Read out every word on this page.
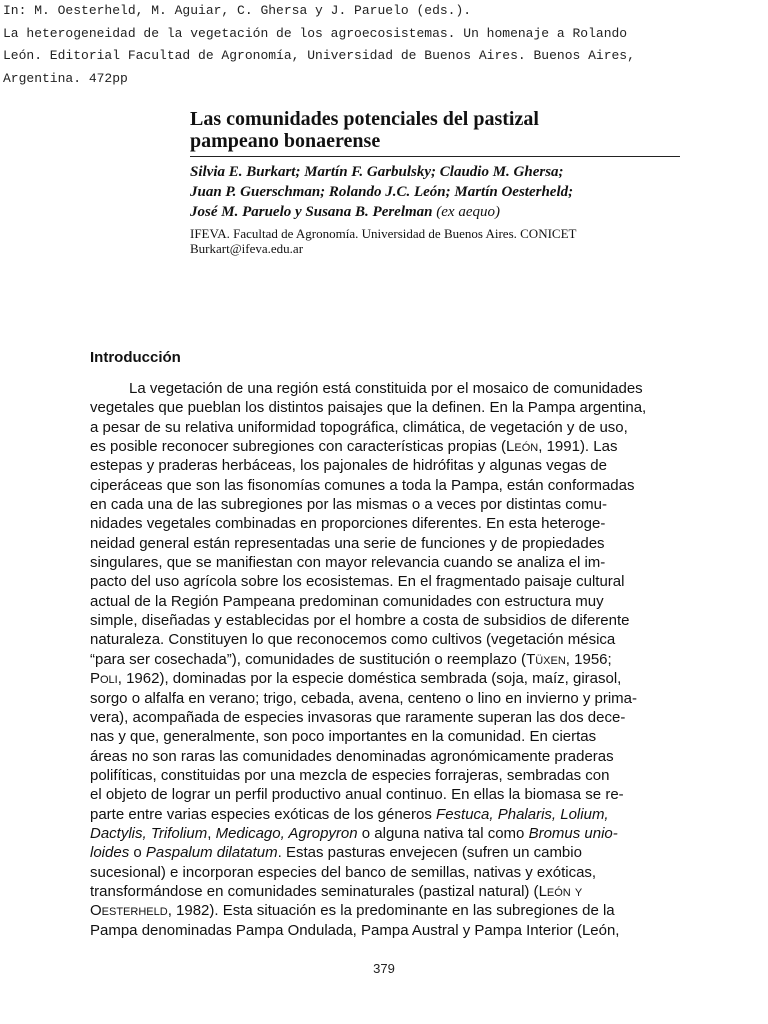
In: M. Oesterheld, M. Aguiar, C. Ghersa y J. Paruelo (eds.).
La heterogeneidad de la vegetación de los agroecosistemas. Un homenaje a Rolando
León. Editorial Facultad de Agronomía, Universidad de Buenos Aires. Buenos Aires,
Argentina. 472pp
Las comunidades potenciales del pastizal
pampeano bonaerense
Silvia E. Burkart; Martín F. Garbulsky; Claudio M. Ghersa;
Juan P. Guerschman; Rolando J.C. León; Martín Oesterheld;
José M. Paruelo y Susana B. Perelman (ex aequo)
IFEVA. Facultad de Agronomía. Universidad de Buenos Aires. CONICET
Burkart@ifeva.edu.ar
Introducción
La vegetación de una región está constituida por el mosaico de comunidades
vegetales que pueblan los distintos paisajes que la definen. En la Pampa argentina,
a pesar de su relativa uniformidad topográfica, climática, de vegetación y de uso,
es posible reconocer subregiones con características propias (León, 1991). Las
estepas y praderas herbáceas, los pajonales de hidrófitas y algunas vegas de
ciperáceas que son las fisonomías comunes a toda la Pampa, están conformadas
en cada una de las subregiones por las mismas o a veces por distintas comu-
nidades vegetales combinadas en proporciones diferentes. En esta heteroge-
neidad general están representadas una serie de funciones y de propiedades
singulares, que se manifiestan con mayor relevancia cuando se analiza el im-
pacto del uso agrícola sobre los ecosistemas. En el fragmentado paisaje cultural
actual de la Región Pampeana predominan comunidades con estructura muy
simple, diseñadas y establecidas por el hombre a costa de subsidios de diferente
naturaleza. Constituyen lo que reconocemos como cultivos (vegetación mésica
“para ser cosechada”), comunidades de sustitución o reemplazo (Tüxen, 1956;
Poli, 1962), dominadas por la especie doméstica sembrada (soja, maíz, girasol,
sorgo o alfalfa en verano; trigo, cebada, avena, centeno o lino en invierno y prima-
vera), acompañada de especies invasoras que raramente superan las dos dece-
nas y que, generalmente, son poco importantes en la comunidad. En ciertas
áreas no son raras las comunidades denominadas agronómicamente praderas
polifíticas, constituidas por una mezcla de especies forrajeras, sembradas con
el objeto de lograr un perfil productivo anual continuo. En ellas la biomasa se re-
parte entre varias especies exóticas de los géneros Festuca, Phalaris, Lolium,
Dactylis, Trifolium, Medicago, Agropyron o alguna nativa tal como Bromus unio-
loides o Paspalum dilatatum. Estas pasturas envejecen (sufren un cambio
sucesional) e incorporan especies del banco de semillas, nativas y exóticas,
transformándose en comunidades seminaturales (pastizal natural) (León y
Oesterheld, 1982). Esta situación es la predominante en las subregiones de la
Pampa denominadas Pampa Ondulada, Pampa Austral y Pampa Interior (León,
379
